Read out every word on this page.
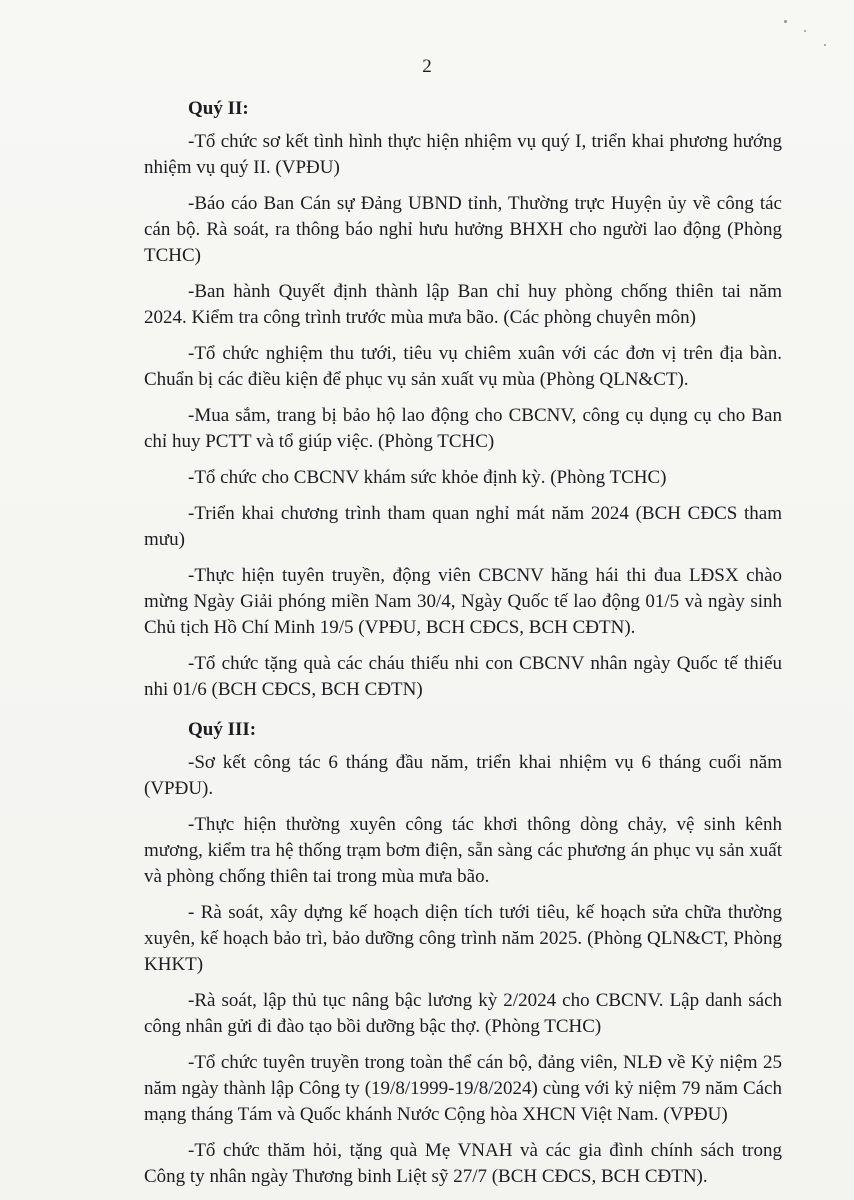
2
Quý II:

-Tổ chức sơ kết tình hình thực hiện nhiệm vụ quý I, triển khai phương hướng nhiệm vụ quý II. (VPĐU)

-Báo cáo Ban Cán sự Đảng UBND tỉnh, Thường trực Huyện ủy về công tác cán bộ. Rà soát, ra thông báo nghỉ hưu hưởng BHXH cho người lao động (Phòng TCHC)

-Ban hành Quyết định thành lập Ban chỉ huy phòng chống thiên tai năm 2024. Kiểm tra công trình trước mùa mưa bão. (Các phòng chuyên môn)

-Tổ chức nghiệm thu tưới, tiêu vụ chiêm xuân với các đơn vị trên địa bàn. Chuẩn bị các điều kiện để phục vụ sản xuất vụ mùa (Phòng QLN&CT).

-Mua sắm, trang bị bảo hộ lao động cho CBCNV, công cụ dụng cụ cho Ban chỉ huy PCTT và tổ giúp việc. (Phòng TCHC)

-Tổ chức cho CBCNV khám sức khỏe định kỳ. (Phòng TCHC)

-Triển khai chương trình tham quan nghỉ mát năm 2024 (BCH CĐCS tham mưu)

-Thực hiện tuyên truyền, động viên CBCNV hăng hái thi đua LĐSX chào mừng Ngày Giải phóng miền Nam 30/4, Ngày Quốc tế lao động 01/5 và ngày sinh Chủ tịch Hồ Chí Minh 19/5 (VPĐU, BCH CĐCS, BCH CĐTN).

-Tổ chức tặng quà các cháu thiếu nhi con CBCNV nhân ngày Quốc tế thiếu nhi 01/6 (BCH CĐCS, BCH CĐTN)

Quý III:

-Sơ kết công tác 6 tháng đầu năm, triển khai nhiệm vụ 6 tháng cuối năm (VPĐU).

-Thực hiện thường xuyên công tác khơi thông dòng chảy, vệ sinh kênh mương, kiểm tra hệ thống trạm bơm điện, sẵn sàng các phương án phục vụ sản xuất và phòng chống thiên tai trong mùa mưa bão.

- Rà soát, xây dựng kế hoạch diện tích tưới tiêu, kế hoạch sửa chữa thường xuyên, kế hoạch bảo trì, bảo dưỡng công trình năm 2025. (Phòng QLN&CT, Phòng KHKT)

-Rà soát, lập thủ tục nâng bậc lương kỳ 2/2024 cho CBCNV. Lập danh sách công nhân gửi đi đào tạo bồi dưỡng bậc thợ. (Phòng TCHC)

-Tổ chức tuyên truyền trong toàn thể cán bộ, đảng viên, NLĐ về Kỷ niệm 25 năm ngày thành lập Công ty (19/8/1999-19/8/2024) cùng với kỷ niệm 79 năm Cách mạng tháng Tám và Quốc khánh Nước Cộng hòa XHCN Việt Nam. (VPĐU)

-Tổ chức thăm hỏi, tặng quà Mẹ VNAH và các gia đình chính sách trong Công ty nhân ngày Thương binh Liệt sỹ 27/7 (BCH CĐCS, BCH CĐTN).
